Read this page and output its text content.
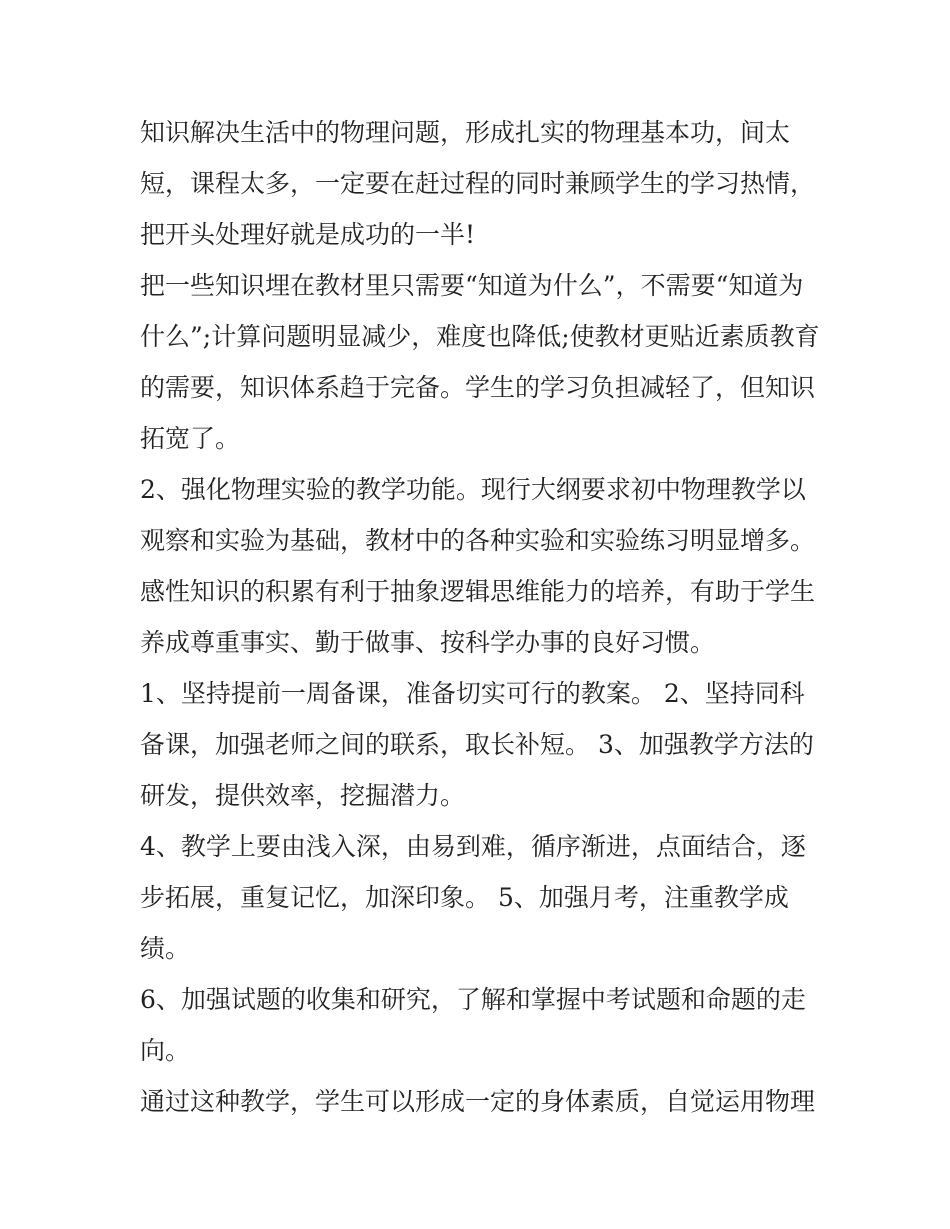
知识解决生活中的物理问题，形成扎实的物理基本功，间太
短，课程太多，一定要在赶过程的同时兼顾学生的学习热情，
把开头处理好就是成功的一半!
把一些知识埋在教材里只需要“知道为什么”，不需要“知道为
什么”;计算问题明显减少，难度也降低;使教材更贴近素质教育
的需要，知识体系趋于完备。学生的学习负担减轻了，但知识
拓宽了。
2、强化物理实验的教学功能。现行大纲要求初中物理教学以
观察和实验为基础，教材中的各种实验和实验练习明显增多。
感性知识的积累有利于抽象逻辑思维能力的培养，有助于学生
养成尊重事实、勤于做事、按科学办事的良好习惯。
1、坚持提前一周备课，准备切实可行的教案。 2、坚持同科
备课，加强老师之间的联系，取长补短。 3、加强教学方法的
研发，提供效率，挖掘潜力。
4、教学上要由浅入深，由易到难，循序渐进，点面结合，逐
步拓展，重复记忆，加深印象。 5、加强月考，注重教学成
绩。
6、加强试题的收集和研究，了解和掌握中考试题和命题的走
向。
通过这种教学，学生可以形成一定的身体素质，自觉运用物理
